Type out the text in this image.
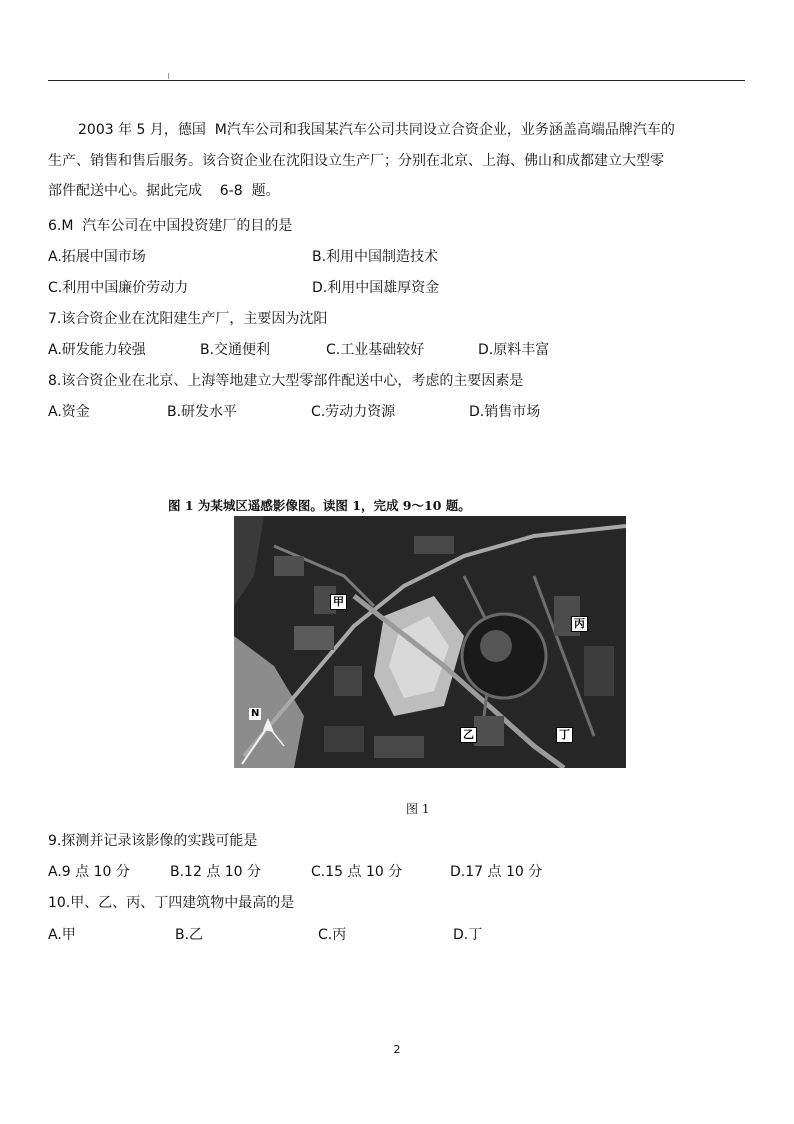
2003 年 5 月，德国  M汽车公司和我国某汽车公司共同设立合资企业，业务涵盖高端品牌汽车的
生产、销售和售后服务。该合资企业在沈阳设立生产厂；分别在北京、上海、佛山和成都建立大型零
部件配送中心。据此完成    6-8  题。
6.M  汽车公司在中国投资建厂的目的是
A.拓展中国市场	B.利用中国制造技术
C.利用中国廉价劳动力	D.利用中国雄厚资金
7.该合资企业在沈阳建生产厂，主要因为沈阳
A.研发能力较强	B.交通便利	C.工业基础较好	D.原料丰富
8.该合资企业在北京、上海等地建立大型零部件配送中心，考虑的主要因素是
A.资金	B.研发水平	C.劳动力资源	D.销售市场
图 1 为某城区遥感影像图。读图 1，完成 9～10 题。
甲
乙
丙
丁
N
图 1
9.探测并记录该影像的实践可能是
A.9 点 10 分	B.12 点 10 分	C.15 点 10 分	D.17 点 10 分
10.甲、乙、丙、丁四建筑物中最高的是
A.甲	B.乙	C.丙	D.丁
2
